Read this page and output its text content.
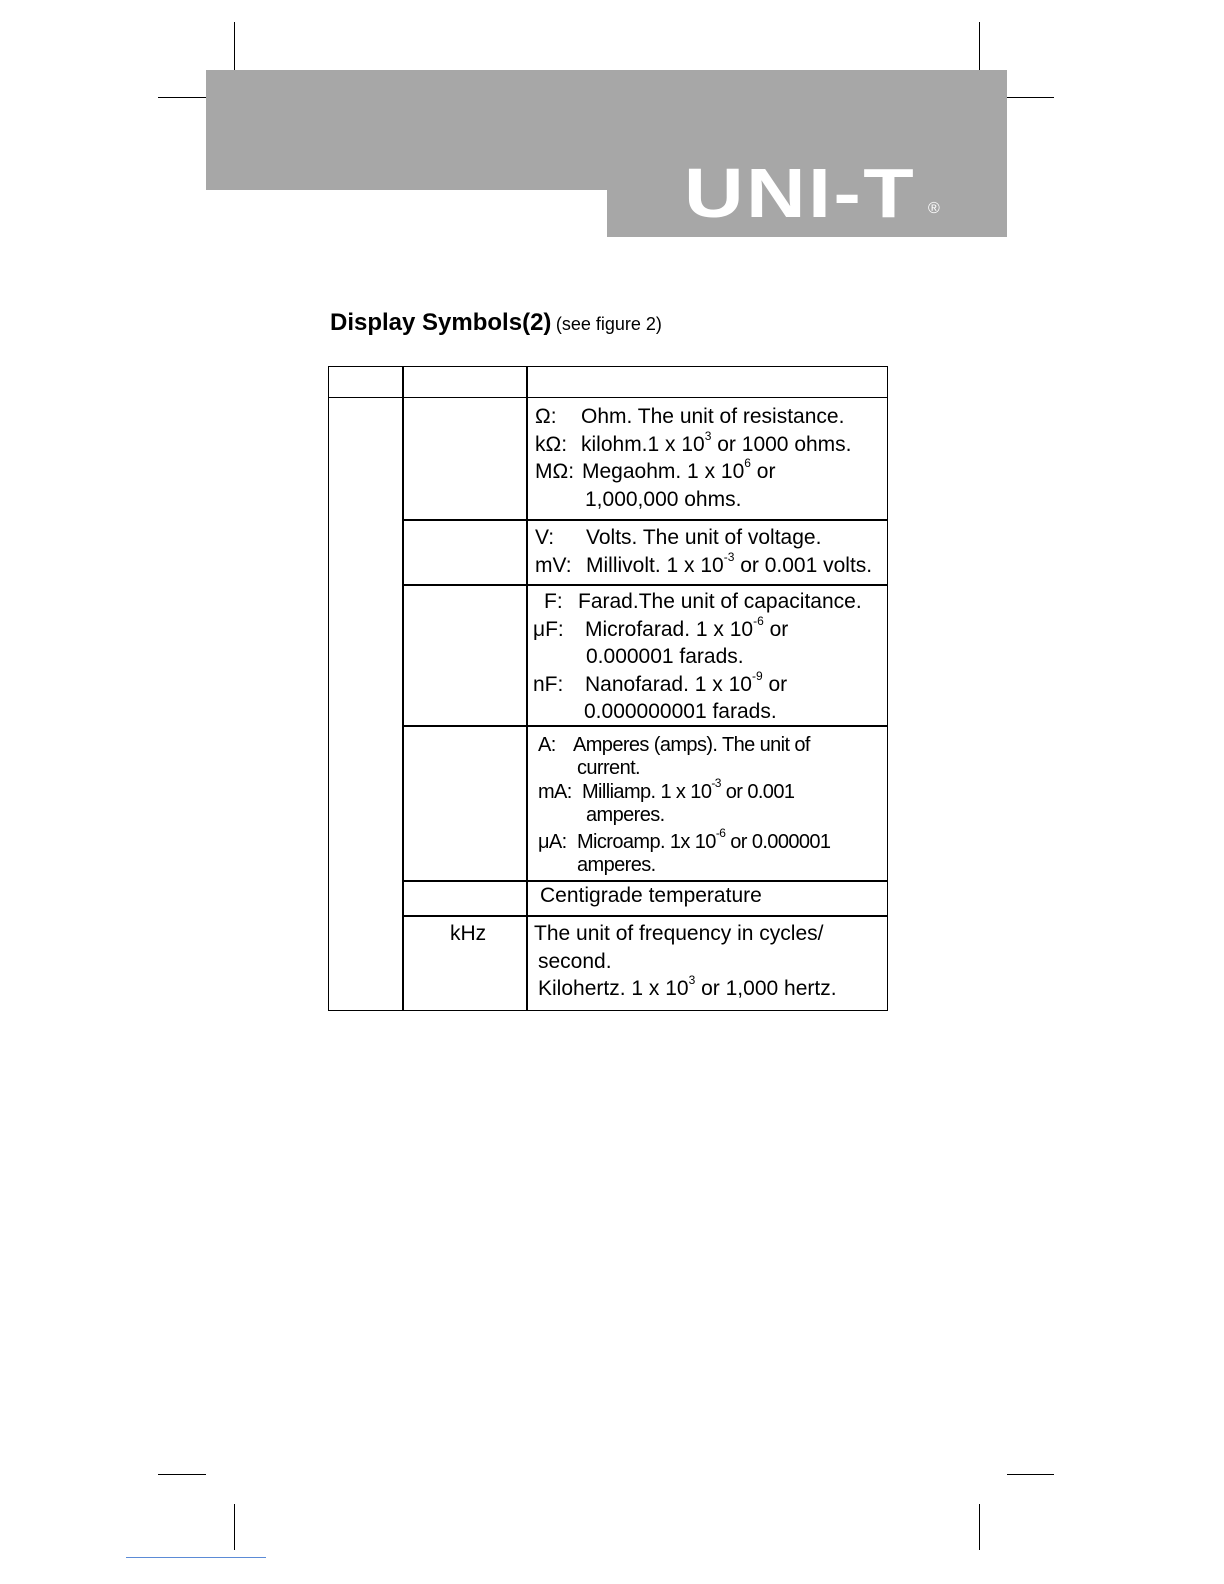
UNI-T ®
Display Symbols(2) (see figure 2)
Ω: Ohm. The unit of resistance.
kΩ: kilohm.1 x $10^3$ or 1000 ohms.
MΩ: Megaohm. 1 x $10^6$ or
1,000,000 ohms.
V: Volts. The unit of voltage.
mV: Millivolt. 1 x $10^{-3}$ or 0.001 volts.
F: Farad.The unit of capacitance.
μF: Microfarad. 1 x $10^{-6}$ or
0.000001 farads.
nF: Nanofarad. 1 x $10^{-9}$ or
0.000000001 farads.
A: Amperes (amps). The unit of
current.
mA: Milliamp. 1 x $10^{-3}$ or 0.001
amperes.
μA: Microamp. 1x $10^{-6}$ or 0.000001
amperes.
Centigrade temperature
kHz The unit of frequency in cycles/
second.
Kilohertz. 1 x $10^3$ or 1,000 hertz.
